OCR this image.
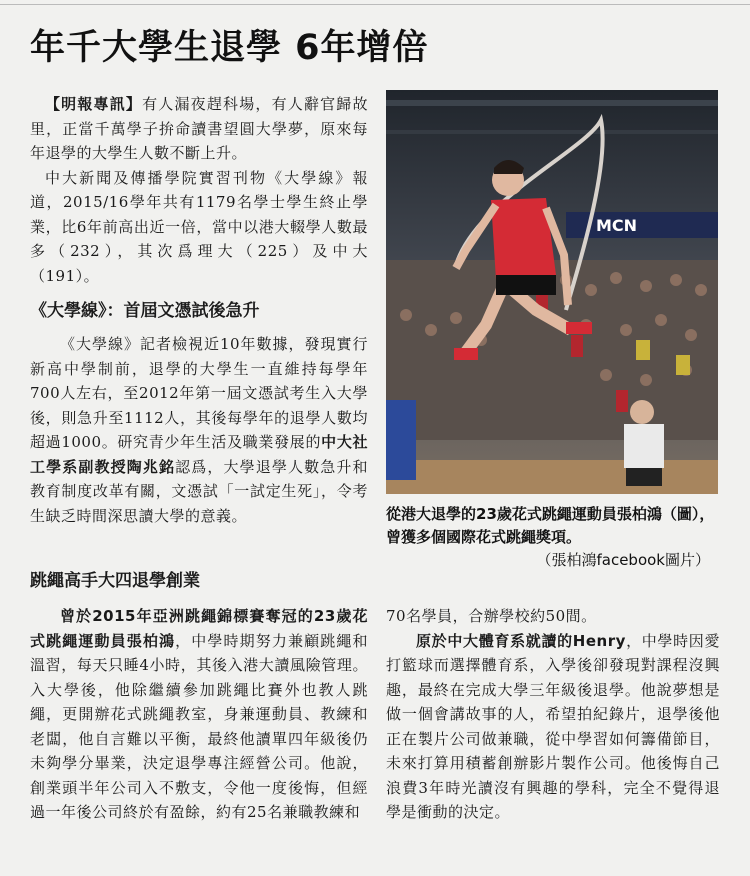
年千大學生退學 6年增倍

【明報專訊】有人漏夜趕科場，有人辭官歸故里，正當千萬學子拚命讀書望圓大學夢，原來每年退學的大學生人數不斷上升。

中大新聞及傳播學院實習刊物《大學線》報道，2015/16學年共有1179名學士學生終止學業，比6年前高出近一倍，當中以港大輟學人數最多（232），其次爲理大（225）及中大（191）。

《大學線》：首屆文憑試後急升

《大學線》記者檢視近10年數據，發現實行新高中學制前，退學的大學生一直維持每學年700人左右，至2012年第一屆文憑試考生入大學後，則急升至1112人，其後每學年的退學人數均超過1000。研究青少年生活及職業發展的中大社工學系副教授陶兆銘認爲，大學退學人數急升和教育制度改革有關，文憑試「一試定生死」，令考生缺乏時間深思讀大學的意義。

跳繩高手大四退學創業

曾於2015年亞洲跳繩錦標賽奪冠的23歲花式跳繩運動員張柏鴻，中學時期努力兼顧跳繩和溫習，每天只睡4小時，其後入港大讀風險管理。入大學後，他除繼續參加跳繩比賽外也教人跳繩，更開辦花式跳繩教室，身兼運動員、教練和老闆，他自言難以平衡，最終他讀單四年級後仍未夠學分畢業，決定退學專注經營公司。他說，創業頭半年公司入不敷支，令他一度後悔，但經過一年後公司終於有盈餘，約有25名兼職教練和

70名學員，合辦學校約50間。

原於中大體育系就讀的Henry，中學時因愛打籃球而選擇體育系，入學後卻發現對課程沒興趣，最終在完成大學三年級後退學。他說夢想是做一個會講故事的人，希望拍紀錄片，退學後他正在製片公司做兼職，從中學習如何籌備節目，未來打算用積蓄創辦影片製作公司。他後悔自己浪費3年時光讀沒有興趣的學科，完全不覺得退學是衝動的決定。

MCN
從港大退學的23歲花式跳繩運動員張柏鴻（圖），曾獲多個國際花式跳繩獎項。
（張柏鴻facebook圖片）
